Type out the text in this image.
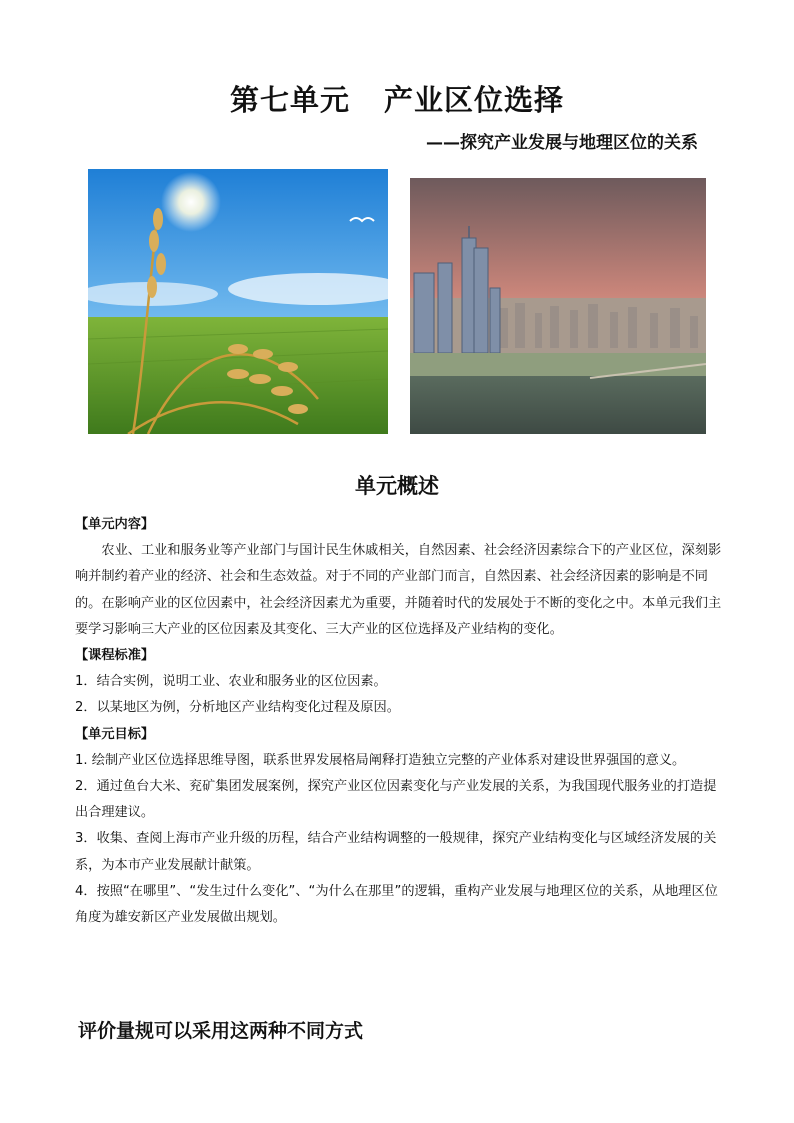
第七单元 产业区位选择
——探究产业发展与地理区位的关系
单元概述

【单元内容】

农业、工业和服务业等产业部门与国计民生休戚相关，自然因素、社会经济因素综合下的产业区位，深刻影响并制约着产业的经济、社会和生态效益。对于不同的产业部门而言，自然因素、社会经济因素的影响是不同的。在影响产业的区位因素中，社会经济因素尤为重要，并随着时代的发展处于不断的变化之中。本单元我们主要学习影响三大产业的区位因素及其变化、三大产业的区位选择及产业结构的变化。

【课程标准】

1．结合实例，说明工业、农业和服务业的区位因素。

2．以某地区为例，分析地区产业结构变化过程及原因。

【单元目标】

1. 绘制产业区位选择思维导图，联系世界发展格局阐释打造独立完整的产业体系对建设世界强国的意义。

2．通过鱼台大米、兖矿集团发展案例，探究产业区位因素变化与产业发展的关系，为我国现代服务业的打造提出合理建议。

3．收集、查阅上海市产业升级的历程，结合产业结构调整的一般规律，探究产业结构变化与区域经济发展的关系，为本市产业发展献计献策。

4．按照“在哪里”、“发生过什么变化”、“为什么在那里”的逻辑，重构产业发展与地理区位的关系，从地理区位角度为雄安新区产业发展做出规划。

评价量规可以采用这两种不同方式
